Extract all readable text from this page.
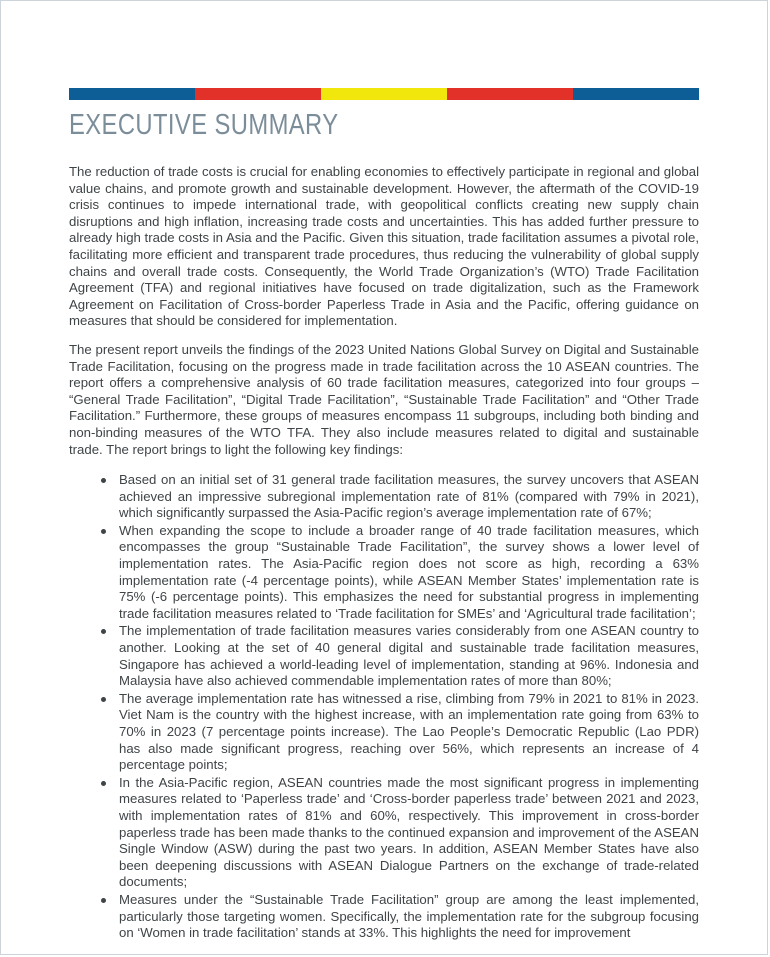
EXECUTIVE SUMMARY

The reduction of trade costs is crucial for enabling economies to effectively participate in regional and global value chains, and promote growth and sustainable development. However, the aftermath of the COVID-19 crisis continues to impede international trade, with geopolitical conflicts creating new supply chain disruptions and high inflation, increasing trade costs and uncertainties. This has added further pressure to already high trade costs in Asia and the Pacific. Given this situation, trade facilitation assumes a pivotal role, facilitating more efficient and transparent trade procedures, thus reducing the vulnerability of global supply chains and overall trade costs. Consequently, the World Trade Organization’s (WTO) Trade Facilitation Agreement (TFA) and regional initiatives have focused on trade digitalization, such as the Framework Agreement on Facilitation of Cross-border Paperless Trade in Asia and the Pacific, offering guidance on measures that should be considered for implementation.

The present report unveils the findings of the 2023 United Nations Global Survey on Digital and Sustainable Trade Facilitation, focusing on the progress made in trade facilitation across the 10 ASEAN countries. The report offers a comprehensive analysis of 60 trade facilitation measures, categorized into four groups – “General Trade Facilitation”, “Digital Trade Facilitation”, “Sustainable Trade Facilitation” and “Other Trade Facilitation.” Furthermore, these groups of measures encompass 11 subgroups, including both binding and non-binding measures of the WTO TFA. They also include measures related to digital and sustainable trade. The report brings to light the following key findings:

Based on an initial set of 31 general trade facilitation measures, the survey uncovers that ASEAN achieved an impressive subregional implementation rate of 81% (compared with 79% in 2021), which significantly surpassed the Asia-Pacific region’s average implementation rate of 67%;
When expanding the scope to include a broader range of 40 trade facilitation measures, which encompasses the group “Sustainable Trade Facilitation”, the survey shows a lower level of implementation rates. The Asia-Pacific region does not score as high, recording a 63% implementation rate (-4 percentage points), while ASEAN Member States’ implementation rate is 75% (-6 percentage points). This emphasizes the need for substantial progress in implementing trade facilitation measures related to ‘Trade facilitation for SMEs’ and ‘Agricultural trade facilitation’;
The implementation of trade facilitation measures varies considerably from one ASEAN country to another. Looking at the set of 40 general digital and sustainable trade facilitation measures, Singapore has achieved a world-leading level of implementation, standing at 96%. Indonesia and Malaysia have also achieved commendable implementation rates of more than 80%;
The average implementation rate has witnessed a rise, climbing from 79% in 2021 to 81% in 2023. Viet Nam is the country with the highest increase, with an implementation rate going from 63% to 70% in 2023 (7 percentage points increase). The Lao People’s Democratic Republic (Lao PDR) has also made significant progress, reaching over 56%, which represents an increase of 4 percentage points;
In the Asia-Pacific region, ASEAN countries made the most significant progress in implementing measures related to ‘Paperless trade’ and ‘Cross-border paperless trade’ between 2021 and 2023, with implementation rates of 81% and 60%, respectively. This improvement in cross-border paperless trade has been made thanks to the continued expansion and improvement of the ASEAN Single Window (ASW) during the past two years. In addition, ASEAN Member States have also been deepening discussions with ASEAN Dialogue Partners on the exchange of trade-related documents;
Measures under the “Sustainable Trade Facilitation” group are among the least implemented, particularly those targeting women. Specifically, the implementation rate for the subgroup focusing on ‘Women in trade facilitation’ stands at 33%. This highlights the need for improvement
